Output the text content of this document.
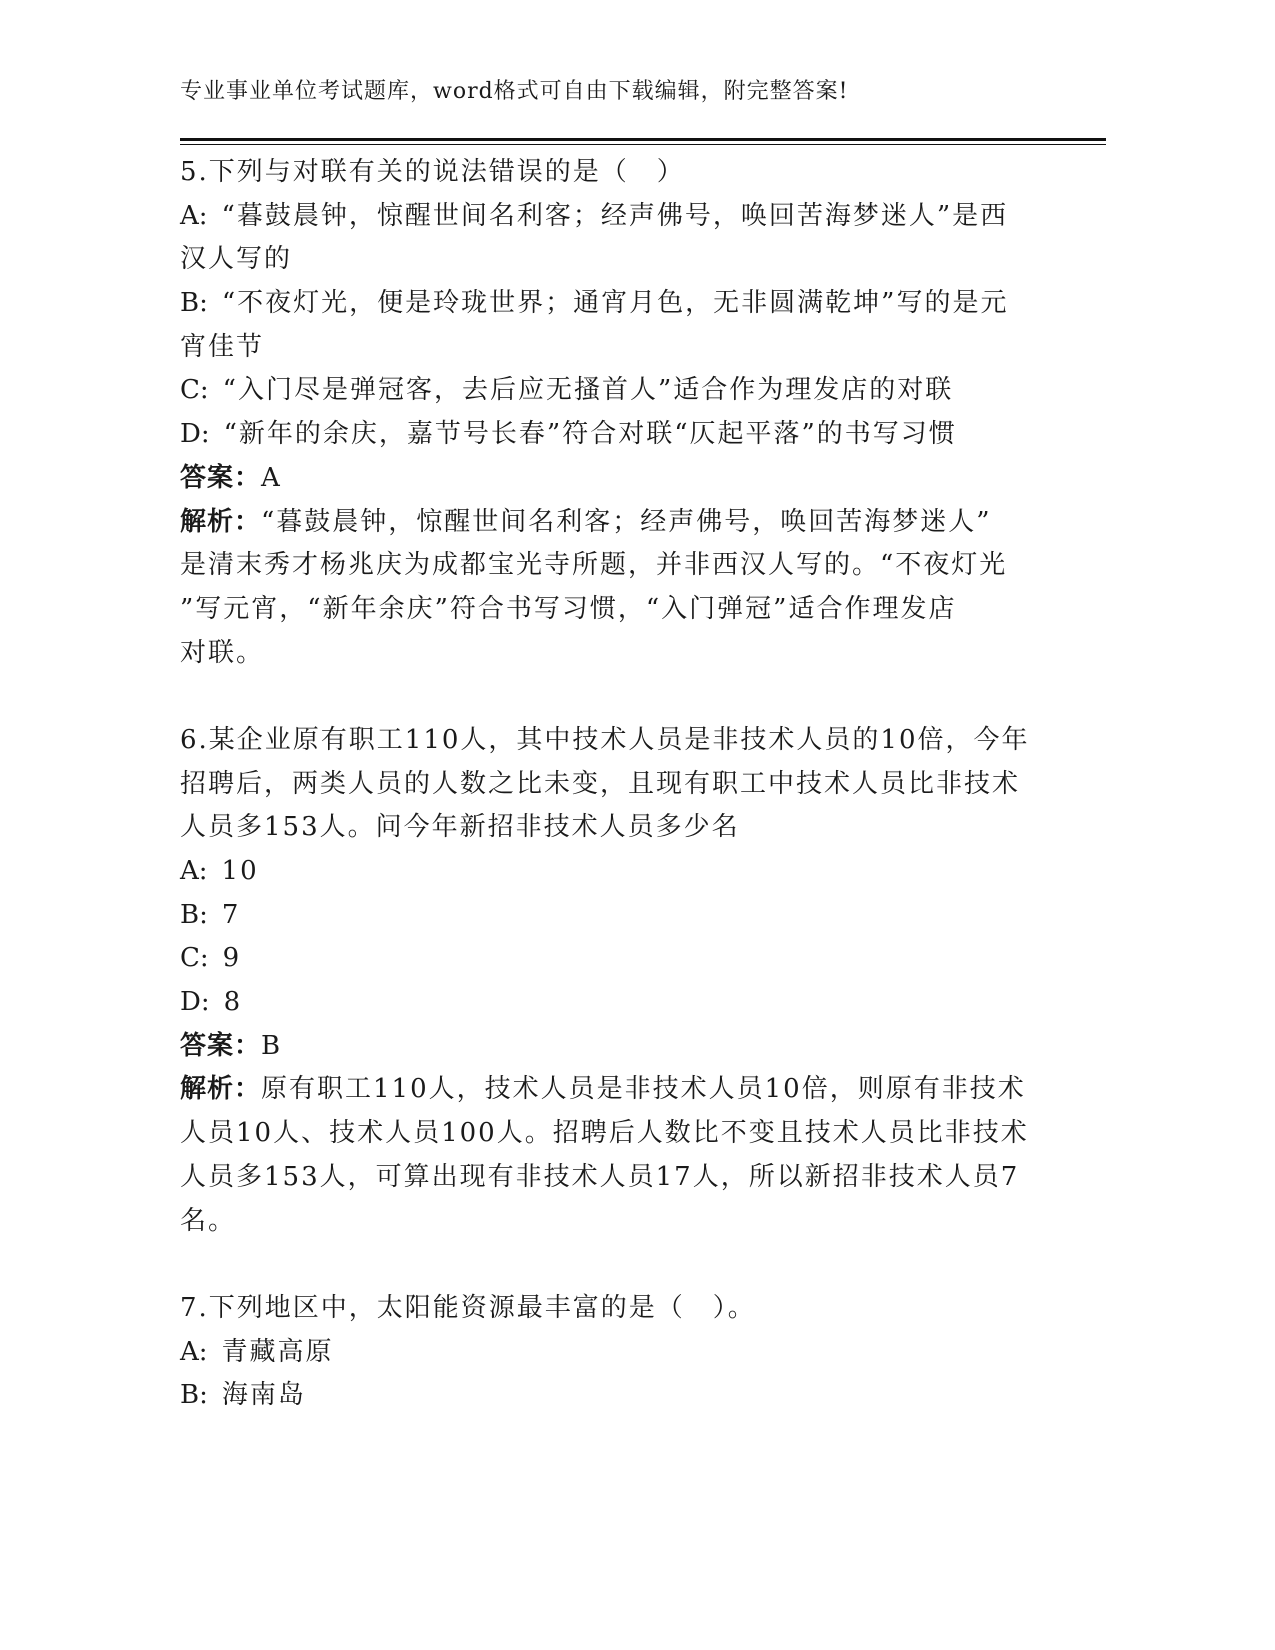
专业事业单位考试题库，word格式可自由下载编辑，附完整答案!
5.下列与对联有关的说法错误的是（　）
A: “暮鼓晨钟，惊醒世间名利客；经声佛号，唤回苦海梦迷人”是西
汉人写的
B: “不夜灯光，便是玲珑世界；通宵月色，无非圆满乾坤”写的是元
宵佳节
C: “入门尽是弹冠客，去后应无搔首人”适合作为理发店的对联
D: “新年的余庆，嘉节号长春”符合对联“仄起平落”的书写习惯
答案：A
解析：“暮鼓晨钟，惊醒世间名利客；经声佛号，唤回苦海梦迷人”
是清末秀才杨兆庆为成都宝光寺所题，并非西汉人写的。“不夜灯光
”写元宵，“新年余庆”符合书写习惯，“入门弹冠”适合作理发店
对联。
6.某企业原有职工110人，其中技术人员是非技术人员的10倍，今年
招聘后，两类人员的人数之比未变，且现有职工中技术人员比非技术
人员多153人。问今年新招非技术人员多少名
A: 10
B: 7
C: 9
D: 8
答案：B
解析：原有职工110人，技术人员是非技术人员10倍，则原有非技术
人员10人、技术人员100人。招聘后人数比不变且技术人员比非技术
人员多153人，可算出现有非技术人员17人，所以新招非技术人员7
名。
7.下列地区中，太阳能资源最丰富的是（　）。
A: 青藏高原
B: 海南岛
